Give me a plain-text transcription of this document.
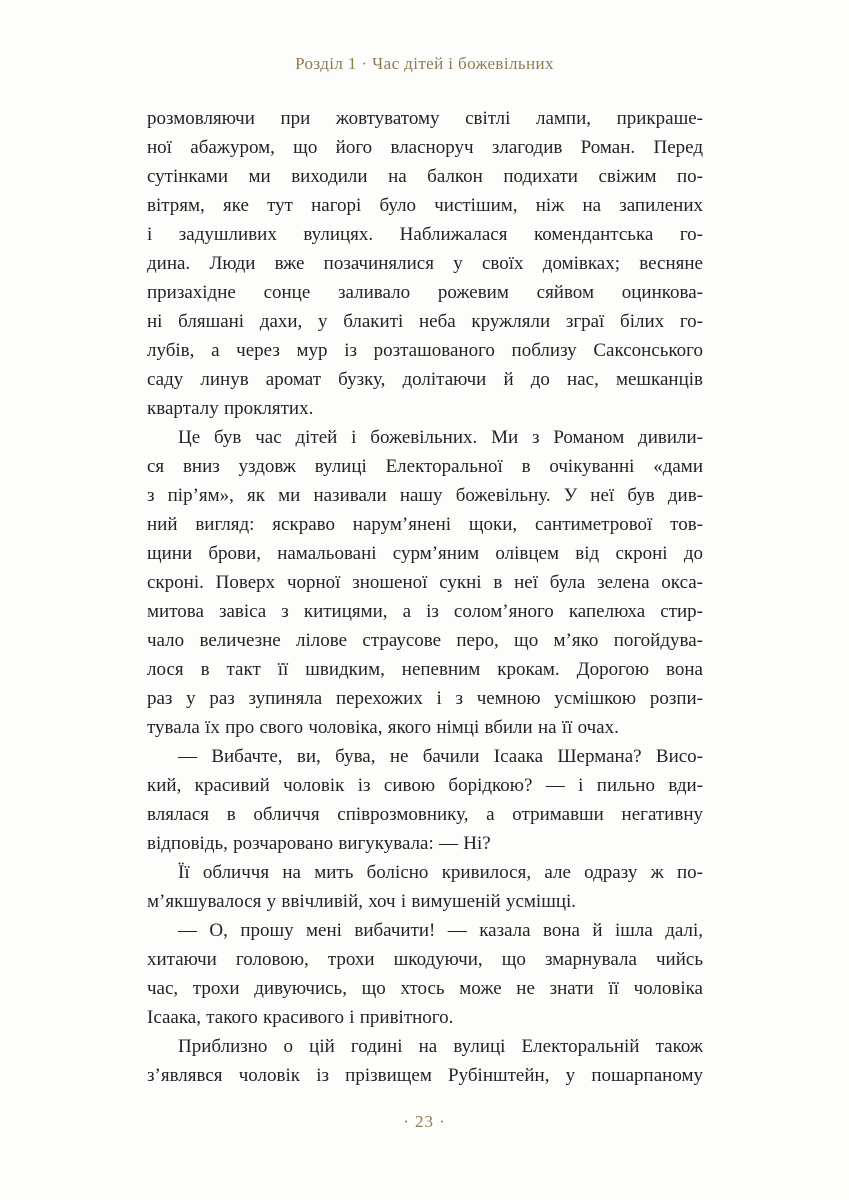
Розділ 1 · Час дітей і божевільних
розмовляючи при жовтуватому світлі лампи, прикраше-
ної абажуром, що його власноруч злагодив Роман. Перед
сутінками ми виходили на балкон подихати свіжим по-
вітрям, яке тут нагорі було чистішим, ніж на запилених
і задушливих вулицях. Наближалася комендантська го-
дина. Люди вже позачинялися у своїх домівках; весняне
призахідне сонце заливало рожевим сяйвом оцинкова-
ні бляшані дахи, у блакиті неба кружляли зграї білих го-
лубів, а через мур із розташованого поблизу Саксонського
саду линув аромат бузку, долітаючи й до нас, мешканців
кварталу проклятих.
Це був час дітей і божевільних. Ми з Романом дивили-
ся вниз уздовж вулиці Електоральної в очікуванні «дами
з пір’ям», як ми називали нашу божевільну. У неї був див-
ний вигляд: яскраво нарум’янені щоки, сантиметрової тов-
щини брови, намальовані сурм’яним олівцем від скроні до
скроні. Поверх чорної зношеної сукні в неї була зелена окса-
митова завіса з китицями, а із солом’яного капелюха стир-
чало величезне лілове страусове перо, що м’яко погойдува-
лося в такт її швидким, непевним крокам. Дорогою вона
раз у раз зупиняла перехожих і з чемною усмішкою розпи-
тувала їх про свого чоловіка, якого німці вбили на її очах.
— Вибачте, ви, бува, не бачили Ісаака Шермана? Висо-
кий, красивий чоловік із сивою борідкою? — і пильно вди-
влялася в обличчя співрозмовнику, а отримавши негативну
відповідь, розчаровано вигукувала: — Ні?
Її обличчя на мить болісно кривилося, але одразу ж по-
м’якшувалося у ввічливій, хоч і вимушеній усмішці.
— О, прошу мені вибачити! — казала вона й ішла далі,
хитаючи головою, трохи шкодуючи, що змарнувала чийсь
час, трохи дивуючись, що хтось може не знати її чоловіка
Ісаака, такого красивого і привітного.
Приблизно о цій годині на вулиці Електоральній також
з’являвся чоловік із прізвищем Рубінштейн, у пошарпаному
· 23 ·
